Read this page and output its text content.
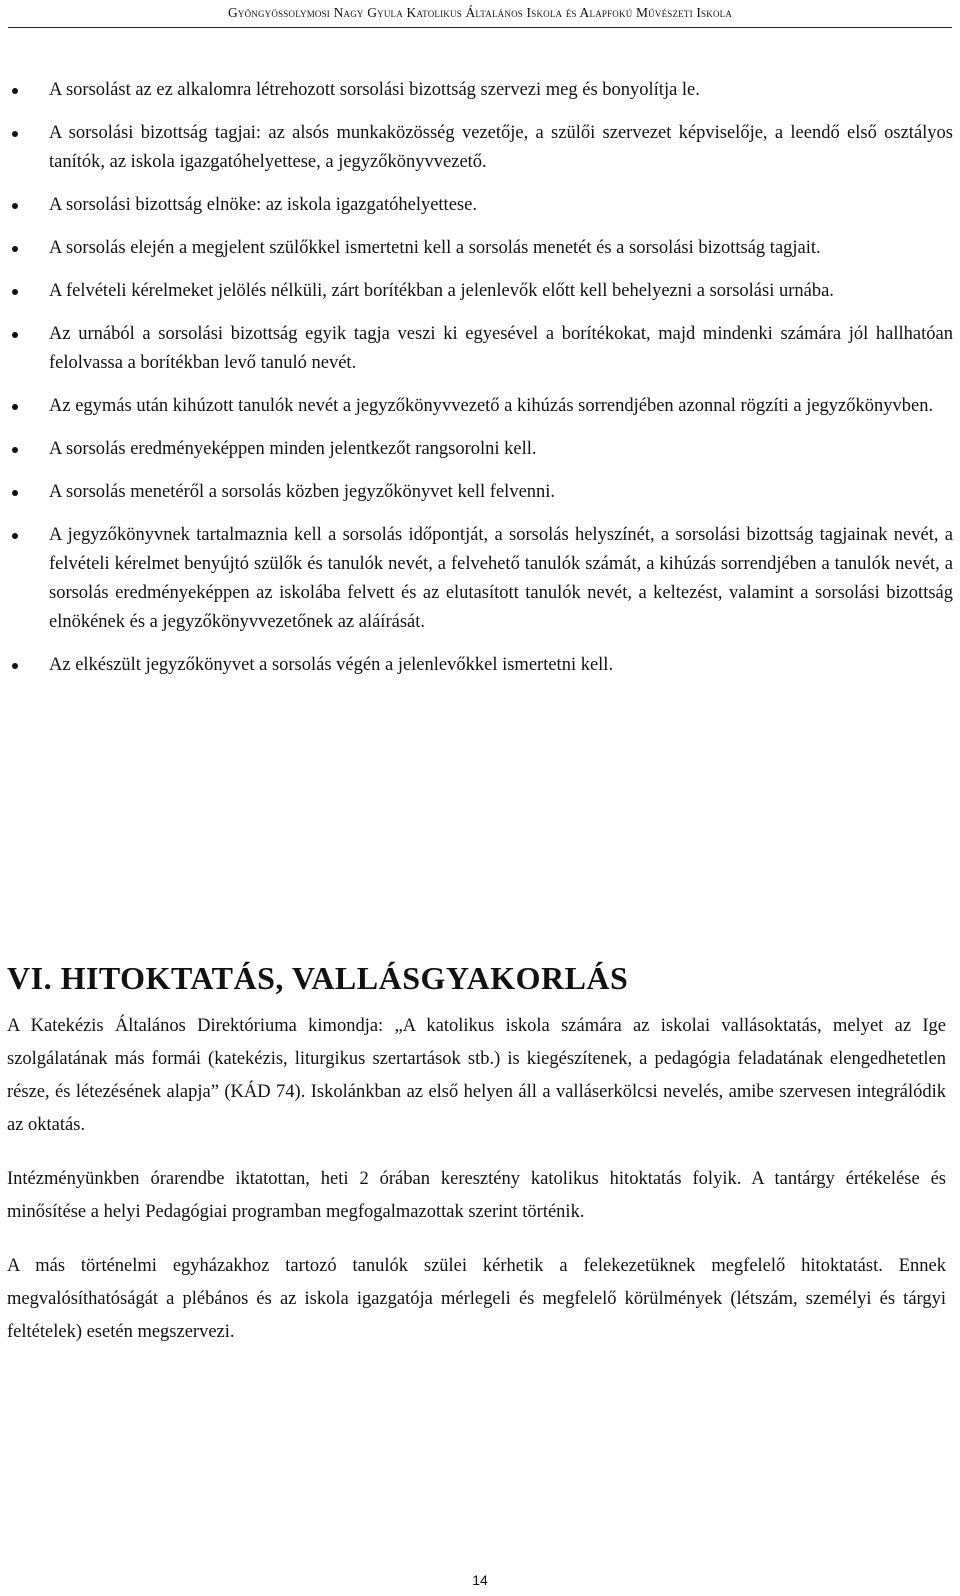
Gyöngyössolymosi Nagy Gyula Katolikus Általános Iskola és Alapfokú Művészeti Iskola
A sorsolást az ez alkalomra létrehozott sorsolási bizottság szervezi meg és bonyolítja le.
A sorsolási bizottság tagjai: az alsós munkaközösség vezetője, a szülői szervezet képviselője, a leendő első osztályos tanítók, az iskola igazgatóhelyettese, a jegyzőkönyvvezető.
A sorsolási bizottság elnöke: az iskola igazgatóhelyettese.
A sorsolás elején a megjelent szülőkkel ismertetni kell a sorsolás menetét és a sorsolási bizottság tagjait.
A felvételi kérelmeket jelölés nélküli, zárt borítékban a jelenlevők előtt kell behelyezni a sorsolási urnába.
Az urnából a sorsolási bizottság egyik tagja veszi ki egyesével a borítékokat, majd mindenki számára jól hallhatóan felolvassa a borítékban levő tanuló nevét.
Az egymás után kihúzott tanulók nevét a jegyzőkönyvvezető a kihúzás sorrendjében azonnal rögzíti a jegyzőkönyvben.
A sorsolás eredményeképpen minden jelentkezőt rangsorolni kell.
A sorsolás menetéről a sorsolás közben jegyzőkönyvet kell felvenni.
A jegyzőkönyvnek tartalmaznia kell a sorsolás időpontját, a sorsolás helyszínét, a sorsolási bizottság tagjainak nevét, a felvételi kérelmet benyújtó szülők és tanulók nevét, a felvehető tanulók számát, a kihúzás sorrendjében a tanulók nevét, a sorsolás eredményeképpen az iskolába felvett és az elutasított tanulók nevét, a keltezést, valamint a sorsolási bizottság elnökének és a jegyzőkönyvvezetőnek az aláírását.
Az elkészült jegyzőkönyvet a sorsolás végén a jelenlevőkkel ismertetni kell.
VI. HITOKTATÁS, VALLÁSGYAKORLÁS

A Katekézis Általános Direktóriuma kimondja: „A katolikus iskola számára az iskolai vallásoktatás, melyet az Ige szolgálatának más formái (katekézis, liturgikus szertartások stb.) is kiegészítenek, a pedagógia feladatának elengedhetetlen része, és létezésének alapja” (KÁD 74). Iskolánkban az első helyen áll a valláserkölcsi nevelés, amibe szervesen integrálódik az oktatás.

Intézményünkben órarendbe iktatottan, heti 2 órában keresztény katolikus hitoktatás folyik. A tantárgy értékelése és minősítése a helyi Pedagógiai programban megfogalmazottak szerint történik.

A más történelmi egyházakhoz tartozó tanulók szülei kérhetik a felekezetüknek megfelelő hitoktatást. Ennek megvalósíthatóságát a plébános és az iskola igazgatója mérlegeli és megfelelő körülmények (létszám, személyi és tárgyi feltételek) esetén megszervezi.

14
